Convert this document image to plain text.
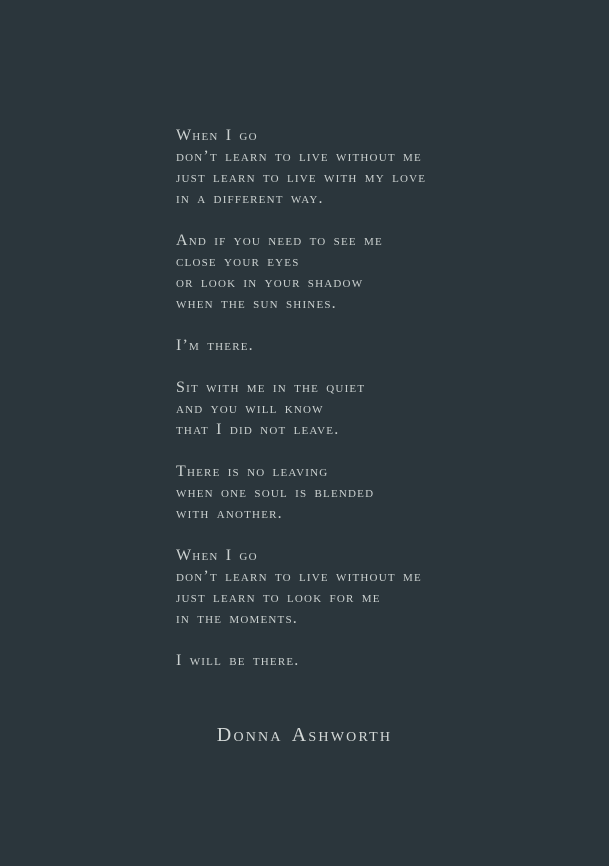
When I go
don’t learn to live without me
just learn to live with my love
in a different way.
And if you need to see me
close your eyes
or look in your shadow
when the sun shines.
I’m there.
Sit with me in the quiet
and you will know
that I did not leave.
There is no leaving
when one soul is blended
with another.
When I go
don’t learn to live without me
just learn to look for me
in the moments.
I will be there.
Donna Ashworth
